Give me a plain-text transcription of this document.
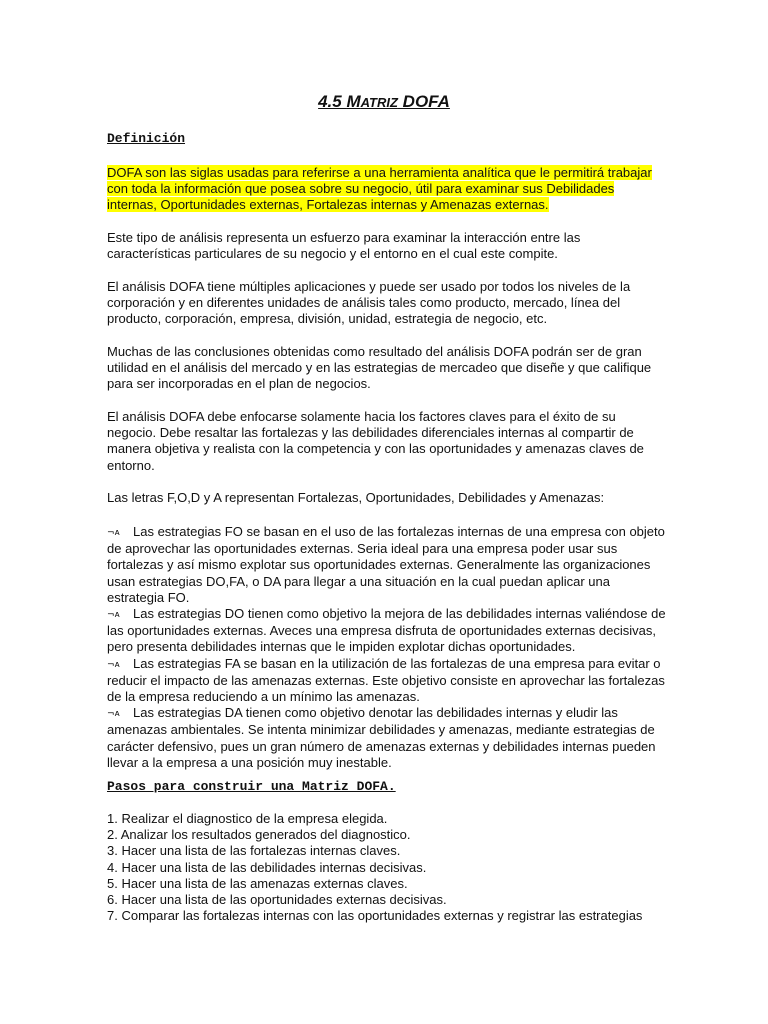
4.5 MATRIZ DOFA
Definición
DOFA son las siglas usadas para referirse a una herramienta analítica que le permitirá trabajar con toda la información que posea sobre su negocio, útil para examinar sus Debilidades internas, Oportunidades externas, Fortalezas internas y Amenazas externas.
Este tipo de análisis representa un esfuerzo para examinar la interacción entre las características particulares de su negocio y el entorno en el cual este compite.
El análisis DOFA tiene múltiples aplicaciones y puede ser usado por todos los niveles de la corporación y en diferentes unidades de análisis tales como producto, mercado, línea del producto, corporación, empresa, división, unidad, estrategia de negocio, etc.
Muchas de las conclusiones obtenidas como resultado del análisis DOFA podrán ser de gran utilidad en el análisis del mercado y en las estrategias de mercadeo que diseñe y que califique para ser incorporadas en el plan de negocios.
El análisis DOFA debe enfocarse solamente hacia los factores claves para el éxito de su negocio. Debe resaltar las fortalezas y las debilidades diferenciales internas al compartir de manera objetiva y realista con la competencia y con las oportunidades y amenazas claves de entorno.
Las letras F,O,D y A representan Fortalezas, Oportunidades, Debilidades y Amenazas:

¬ᴀ Las estrategias FO se basan en el uso de las fortalezas internas de una empresa con objeto de aprovechar las oportunidades externas. Seria ideal para una empresa poder usar sus fortalezas y así mismo explotar sus oportunidades externas. Generalmente las organizaciones usan estrategias DO,FA, o DA para llegar a una situación en la cual puedan aplicar una estrategia FO.

¬ᴀ Las estrategias DO tienen como objetivo la mejora de las debilidades internas valiéndose de las oportunidades externas. Aveces una empresa disfruta de oportunidades externas decisivas, pero presenta debilidades internas que le impiden explotar dichas oportunidades.

¬ᴀ Las estrategias FA se basan en la utilización de las fortalezas de una empresa para evitar o reducir el impacto de las amenazas externas. Este objetivo consiste en aprovechar las fortalezas de la empresa reduciendo a un mínimo las amenazas.

¬ᴀ Las estrategias DA tienen como objetivo denotar las debilidades internas y eludir las amenazas ambientales. Se intenta minimizar debilidades y amenazas, mediante estrategias de carácter defensivo, pues un gran número de amenazas externas y debilidades internas pueden llevar a la empresa a una posición muy inestable.

Pasos para construir una Matriz DOFA.
1. Realizar el diagnostico de la empresa elegida.
2. Analizar los resultados generados del diagnostico.
3. Hacer una lista de las fortalezas internas claves.
4. Hacer una lista de las debilidades internas decisivas.
5. Hacer una lista de las amenazas externas claves.
6. Hacer una lista de las oportunidades externas decisivas.
7. Comparar las fortalezas internas con las oportunidades externas y registrar las estrategias
